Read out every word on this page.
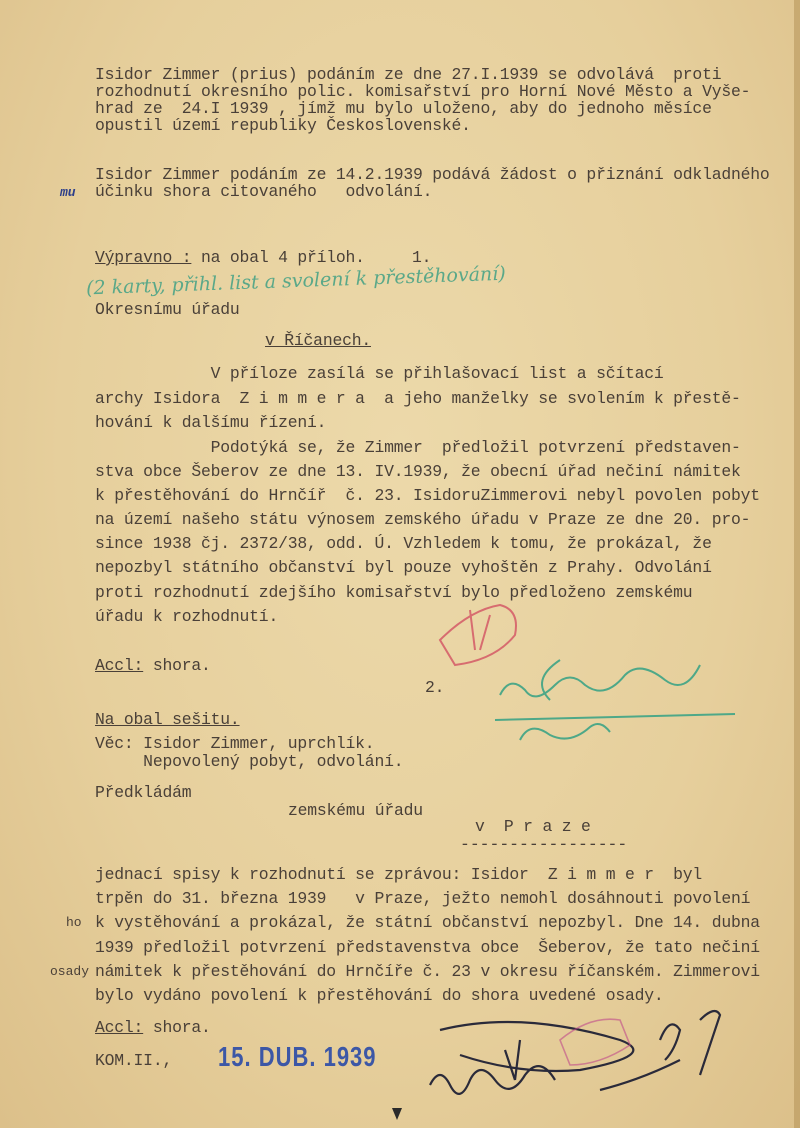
Isidor Zimmer (prius) podáním ze dne 27.I.1939 se odvolává  proti
rozhodnutí okresního polic. komisařství pro Horní Nové Město a Vyše-
hrad ze  24.I 1939 , jímž mu bylo uloženo, aby do jednoho měsíce
opustil území republiky Československé.
Isidor Zimmer podáním ze 14.2.1939 podává žádost o přiznání odkladného
účinku shora citovaného   odvolání.
mu
Výpravno : na obal 4 příloh.	1.
(2 karty, přihl. list a svolení k přestěhování)
Okresnímu úřadu
v Říčanech.
V příloze zasílá se přihlašovací list a sčítací
archy Isidora  Z i m m e r a  a jeho manželky se svolením k přestě-
hování k dalšímu řízení.
Podotýká se, že Zimmer  předložil potvrzení představen-
stva obce Šeberov ze dne 13. IV.1939, že obecní úřad nečiní námitek
k přestěhování do Hrnčíř  č. 23. IsidoruZimmerovi nebyl povolen pobyt
na území našeho státu výnosem zemského úřadu v Praze ze dne 20. pro-
since 1938 čj. 2372/38, odd. Ú. Vzhledem k tomu, že prokázal, že
nepozbyl státního občanství byl pouze vyhoštěn z Prahy. Odvolání
proti rozhodnutí zdejšího komisařství bylo předloženo zemskému
úřadu k rozhodnutí.
Accl: shora.
2.
Na obal sešitu.
Věc: Isidor Zimmer, uprchlík.
Nepovolený pobyt, odvolání.
Předkládám
zemskému úřadu
v  P r a z e
-----------------
jednací spisy k rozhodnutí se zprávou: Isidor  Z i m m e r  byl
trpěn do 31. března 1939   v Praze, ježto nemohl dosáhnouti povolení
ho k vystěhování a prokázal, že státní občanství nepozbyl. Dne 14. dubna
1939 předložil potvrzení představenstva obce  Šeberov, že tato nečiní
osady námitek k přestěhování do Hrnčíře č. 23 v okresu říčanském. Zimmerovi
bylo vydáno povolení k přestěhování do shora uvedené osady.
Accl: shora.
KOM.II., 15. DUB. 1939
